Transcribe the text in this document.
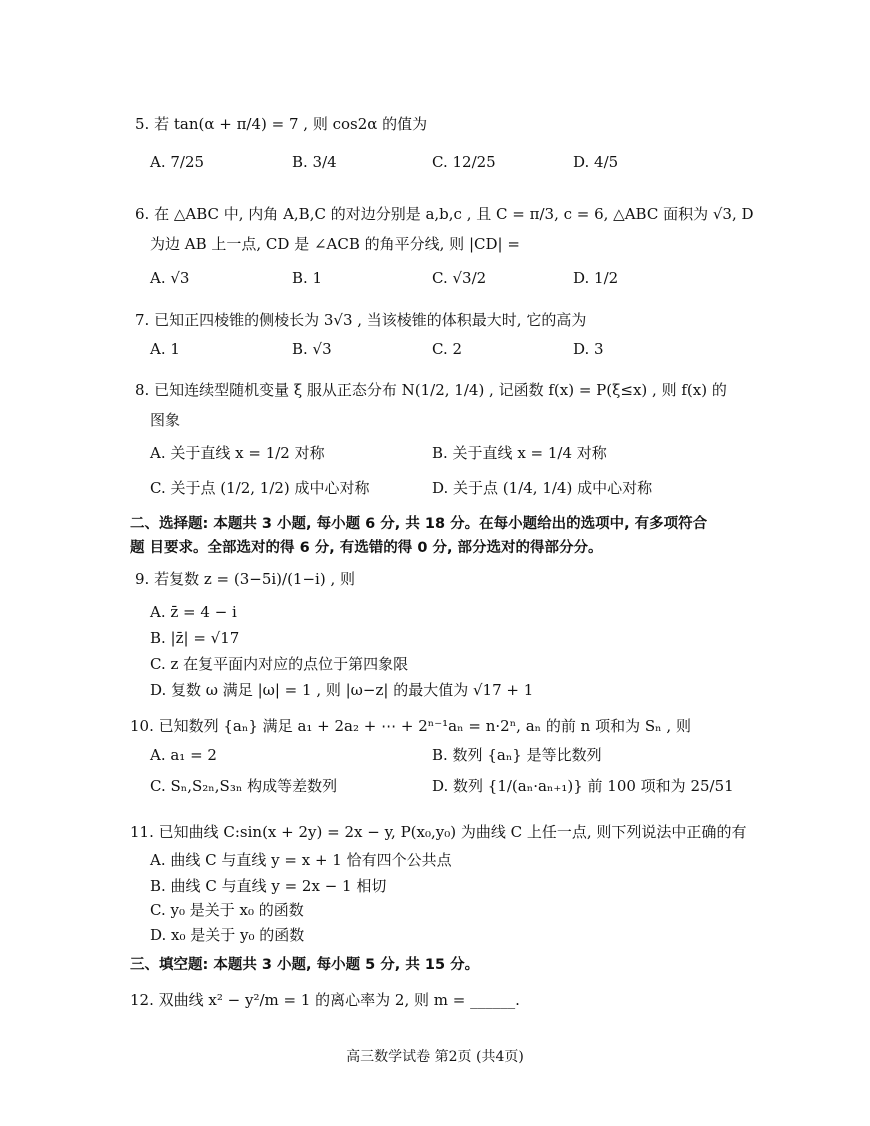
5. 若 tan(α + π/4) = 7 , 则 cos2α 的值为
A. 7/25	B. 3/4	C. 12/25	D. 4/5
6. 在 △ABC 中, 内角 A,B,C 的对边分别是 a,b,c , 且 C = π/3, c = 6, △ABC 面积为 √3, D
为边 AB 上一点, CD 是 ∠ACB 的角平分线, 则 |CD| =
A. √3	B. 1	C. √3/2	D. 1/2
7. 已知正四棱锥的侧棱长为 3√3 , 当该棱锥的体积最大时, 它的高为
A. 1	B. √3	C. 2	D. 3
8. 已知连续型随机变量 ξ 服从正态分布 N(1/2, 1/4) , 记函数 f(x) = P(ξ≤x) , 则 f(x) 的
图象
A. 关于直线 x = 1/2 对称	B. 关于直线 x = 1/4 对称
C. 关于点 (1/2, 1/2) 成中心对称	D. 关于点 (1/4, 1/4) 成中心对称
二、选择题: 本题共 3 小题, 每小题 6 分, 共 18 分。在每小题给出的选项中, 有多项符合
题 目要求。全部选对的得 6 分, 有选错的得 0 分, 部分选对的得部分分。
9. 若复数 z = (3−5i)/(1−i) , 则
A. z̄ = 4 − i
B. |z̄| = √17
C. z 在复平面内对应的点位于第四象限
D. 复数 ω 满足 |ω| = 1 , 则 |ω−z| 的最大值为 √17 + 1
10. 已知数列 {aₙ} 满足 a₁ + 2a₂ + ⋯ + 2ⁿ⁻¹aₙ = n·2ⁿ, aₙ 的前 n 项和为 Sₙ , 则
A. a₁ = 2	B. 数列 {aₙ} 是等比数列
C. Sₙ,S₂ₙ,S₃ₙ 构成等差数列	D. 数列 {1/(aₙ·aₙ₊₁)} 前 100 项和为 25/51
11. 已知曲线 C:sin(x + 2y) = 2x − y, P(x₀,y₀) 为曲线 C 上任一点, 则下列说法中正确的有
A. 曲线 C 与直线 y = x + 1 恰有四个公共点
B. 曲线 C 与直线 y = 2x − 1 相切
C. y₀ 是关于 x₀ 的函数
D. x₀ 是关于 y₀ 的函数
三、填空题: 本题共 3 小题, 每小题 5 分, 共 15 分。
12. 双曲线 x² − y²/m = 1 的离心率为 2, 则 m = ______.
高三数学试卷 第2页 (共4页)
